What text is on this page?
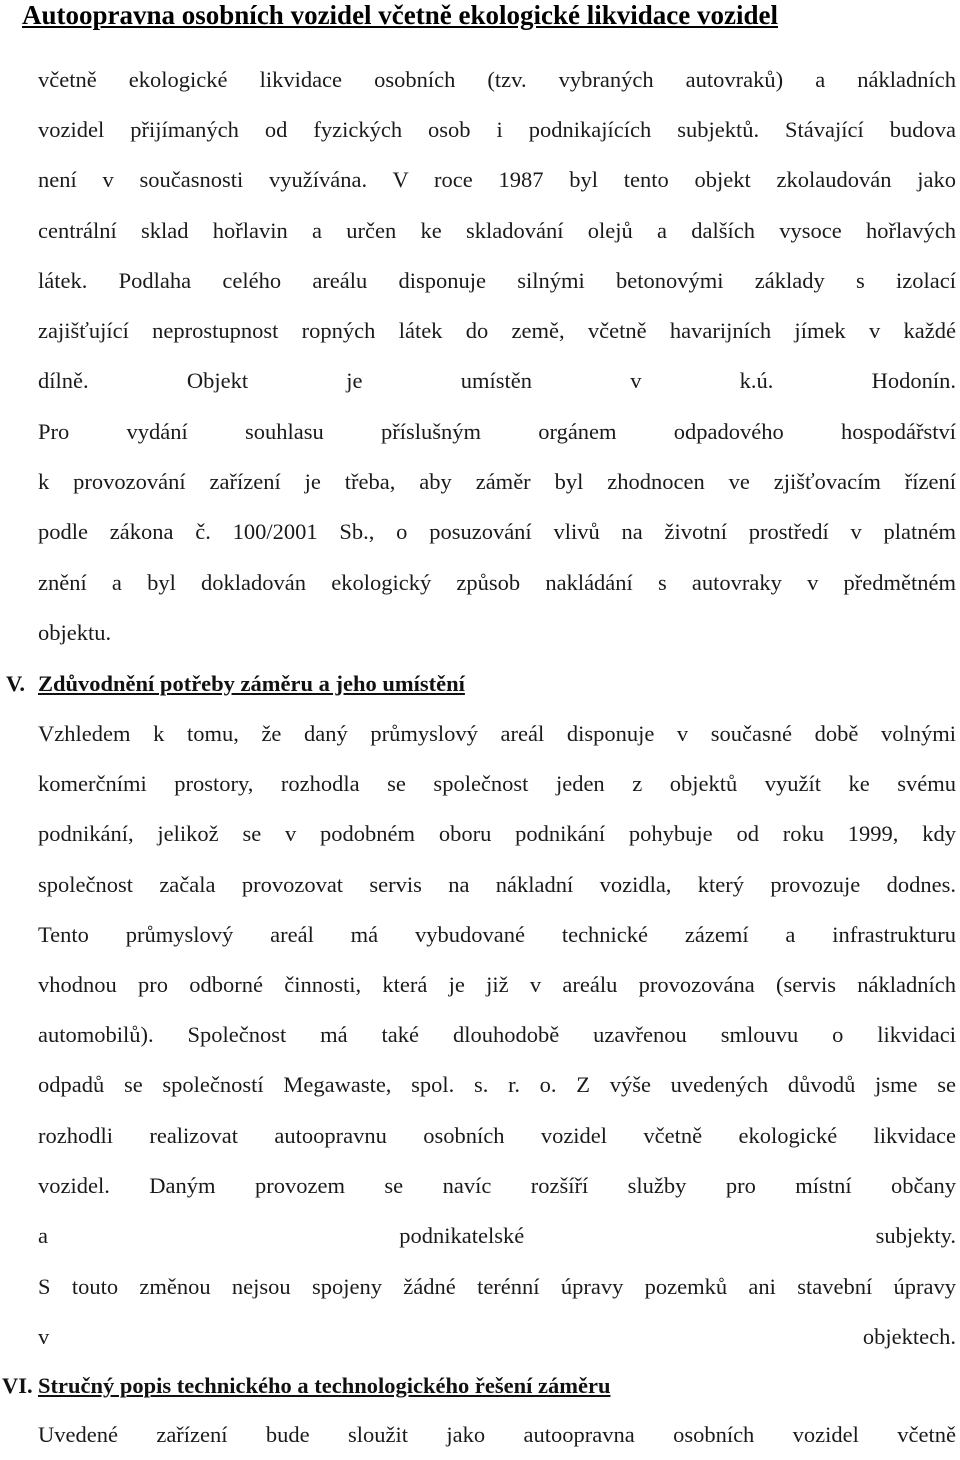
Autoopravna osobních vozidel včetně ekologické likvidace vozidel
včetně ekologické likvidace osobních (tzv. vybraných autovraků) a nákladních
vozidel přijímaných od fyzických osob i podnikajících subjektů. Stávající budova
není v současnosti využívána. V roce 1987 byl tento objekt zkolaudován jako
centrální sklad hořlavin a určen ke skladování olejů a dalších vysoce hořlavých
látek. Podlaha celého areálu disponuje silnými betonovými základy s izolací
zajišťující neprostupnost ropných látek do země, včetně havarijních jímek v každé
dílně. Objekt je umístěn v k.ú. Hodonín.
Pro vydání souhlasu příslušným orgánem odpadového hospodářství
k provozování zařízení je třeba, aby záměr byl zhodnocen ve zjišťovacím řízení
podle zákona č. 100/2001 Sb., o posuzování vlivů na životní prostředí v platném
znění a byl dokladován ekologický způsob nakládání s autovraky v předmětném
objektu.
V. Zdůvodnění potřeby záměru a jeho umístění
Vzhledem k tomu, že daný průmyslový areál disponuje v současné době volnými
komerčními prostory, rozhodla se společnost jeden z objektů využít ke svému
podnikání, jelikož se v podobném oboru podnikání pohybuje od roku 1999, kdy
společnost začala provozovat servis na nákladní vozidla, který provozuje dodnes.
Tento průmyslový areál má vybudované technické zázemí a infrastrukturu
vhodnou pro odborné činnosti, která je již v areálu provozována (servis nákladních
automobilů). Společnost má také dlouhodobě uzavřenou smlouvu o likvidaci
odpadů se společností Megawaste, spol. s. r. o. Z výše uvedených důvodů jsme se
rozhodli realizovat autoopravnu osobních vozidel včetně ekologické likvidace
vozidel. Daným provozem se navíc rozšíří služby pro místní občany
a podnikatelské subjekty.
S touto změnou nejsou spojeny žádné terénní úpravy pozemků ani stavební úpravy
v objektech.
VI. Stručný popis technického a technologického řešení záměru
Uvedené zařízení bude sloužit jako autoopravna osobních vozidel včetně
